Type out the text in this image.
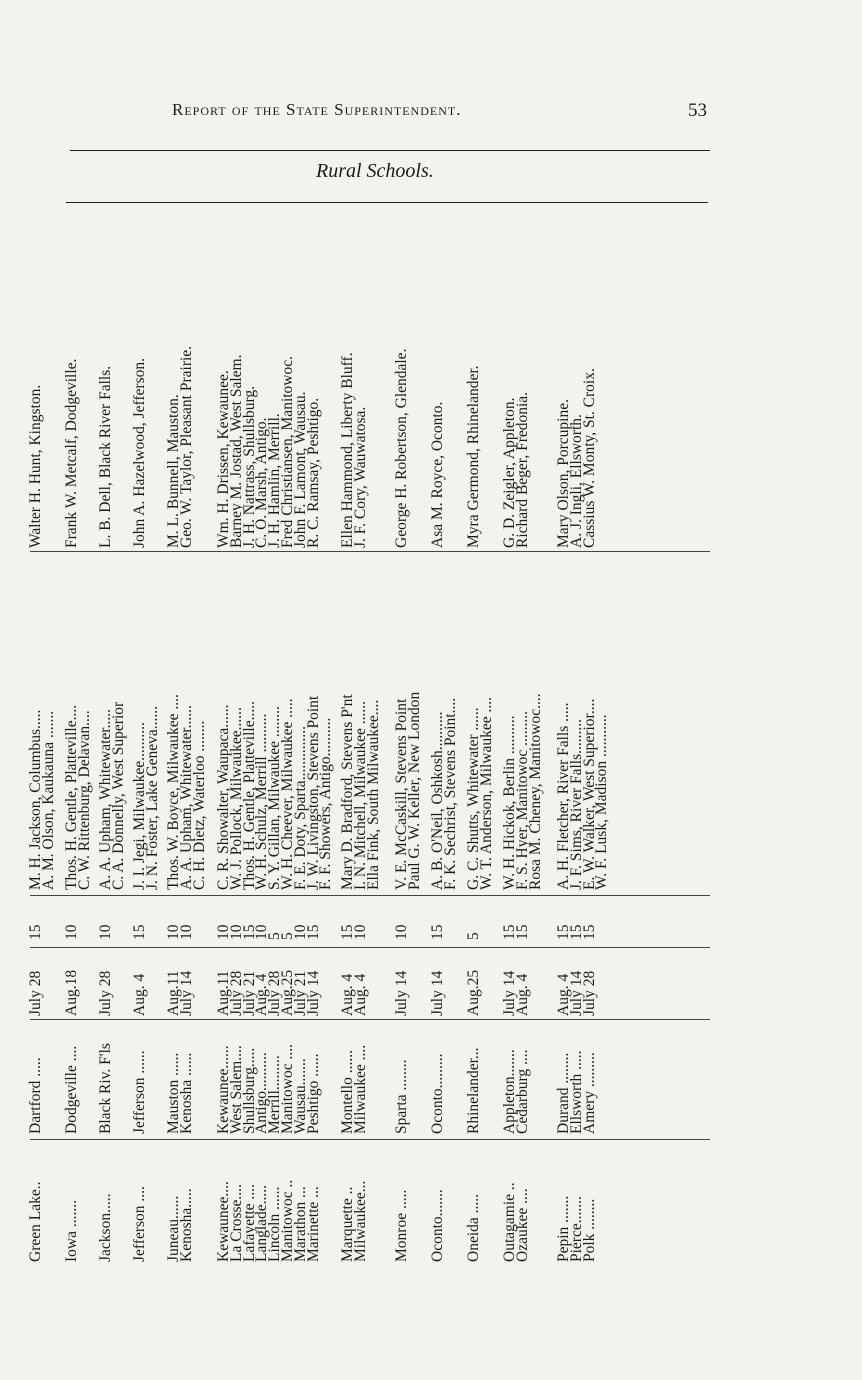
Report of the State Superintendent.	53
Rural Schools.
Green Lake..
Dartford .....
July 28
15
M. H. Jackson, Columbus.....
Walter H. Hunt, Kingston.
A. M. Olson, Kaukauna .......
Iowa .......
Dodgeville ....
Aug.18
10
Thos. H. Gentle, Platteville....
Frank W. Metcalf, Dodgeville.
C. W. Rittenburg, Delavan....
Jackson.....
Black Riv. F'ls
July 28
10
A. A. Upham, Whitewater.....
L. B. Dell, Black River Falls.
C. A. Donnelly, West Superior
Jefferson ....
Jefferson ......
Aug. 4
15
J. I. Jegi, Milwaukee..........
John A. Hazelwood, Jefferson.
J. N. Foster, Lake Geneva......
Juneau......
Mauston ......
Aug.11
10
Thos. W. Boyce, Milwaukee ....
M. L. Bunnell, Mauston.
Kenosha.....
Kenosha ......
July 14
10
A. A. Upham, Whitewater......
Geo. W. Taylor, Pleasant Prairie.
C. H. Dietz, Waterloo ........
Kewaunee....
Kewaunee......
Aug.11
10
C. R. Showalter, Waupaca......
Wm. H. Drissen, Kewaunee.
La Crosse....
West Salem....
July 28
10
W. J. Pollock, Milwaukee......
Barney M. Jostad, West Salem.
Lafayette ....
Shullsburg.....
July 21
15
Thos. H. Gentle, Platteville.....
J. H. Nattrass, Shullsburg.
Langlade.....
Antigo..........
Aug. 4
10
W. H. Schulz, Merrill ..........
C. O. Marsh, Antigo.
Lincoln ......
Merrill.........
July 28
5
S. Y. Gillan, Milwaukee ........
J. H. Hamlin, Merrill.
Manitowoc ..
Manitowoc ....
Aug.25
5
W. H. Cheever, Milwaukee .....
Fred Christiansen, Manitowoc.
Marathon ...
Wausau.......
July 21
10
F. E. Doty, Sparta..............
John F. Lamont, Wausau.
Marinette ...
Peshtigo ......
July 14
15
J. W. Livingston, Stevens Point
R. C. Ramsay, Peshtigo.
F. F. Showers, Antigo..........
Marquette ..
Montello ......
Aug. 4
15
Mary D. Bradford, Stevens P'nt
Ellen Hammond, Liberty Bluff.
Milwaukee...
Milwaukee ....
Aug. 4
10
I. N. Mitchell, Milwaukee ......
J. F. Cory, Wauwatosa.
Ella Fink, South Milwaukee....
Monroe .....
Sparta ........
July 14
10
V. E. McCaskill, Stevens Point
George H. Robertson, Glendale.
Paul G. W. Keller, New London
Oconto.......
Oconto.........
July 14
15
A. B. O'Neil, Oshkosh..........
Asa M. Royce, Oconto.
F. K. Sechrist, Stevens Point....
Oneida .....
Rhinelander...
Aug.25
5
G. C. Shutts, Whitewater ......
Myra Germond, Rhinelander.
W. T. Anderson, Milwaukee ....
Outagamie ..
Appleton.......
July 14
15
W. H. Hickok, Berlin ..........
G. D. Zeigler, Appleton.
Ozaukee ....
Cedarburg ....
Aug. 4
15
F. S. Hyer, Manitowoc .........
Richard Beger, Fredonia.
Rosa M. Cheney, Manitowoc....
Pepin .......
Durand ........
Aug. 4
15
A. H. Fletcher, River Falls .....
Mary Olson, Porcupine.
Pierce.......
Ellsworth .....
July 14
15
J. F. Sims, River Falls.........
A. J. Ingli, Ellsworth.
Polk ........
Amery .........
July 28
15
E. W. Walker, West Superior....
Cassius W. Monty, St. Croix.
W. F. Lusk, Madison ...........
